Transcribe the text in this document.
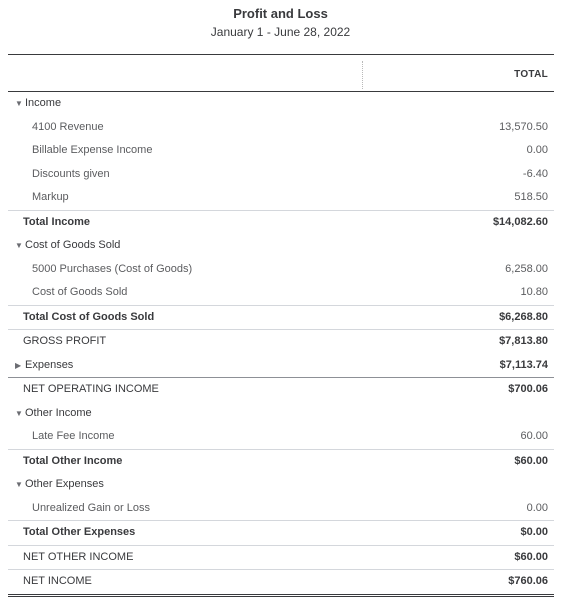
Profit and Loss
January 1 - June 28, 2022
TOTAL
▼ Income
4100 Revenue	13,570.50
Billable Expense Income	0.00
Discounts given	-6.40
Markup	518.50
Total Income	$14,082.60
▼ Cost of Goods Sold
5000 Purchases (Cost of Goods)	6,258.00
Cost of Goods Sold	10.80
Total Cost of Goods Sold	$6,268.80
GROSS PROFIT	$7,813.80
▶ Expenses	$7,113.74
NET OPERATING INCOME	$700.06
▼ Other Income
Late Fee Income	60.00
Total Other Income	$60.00
▼ Other Expenses
Unrealized Gain or Loss	0.00
Total Other Expenses	$0.00
NET OTHER INCOME	$60.00
NET INCOME	$760.06
